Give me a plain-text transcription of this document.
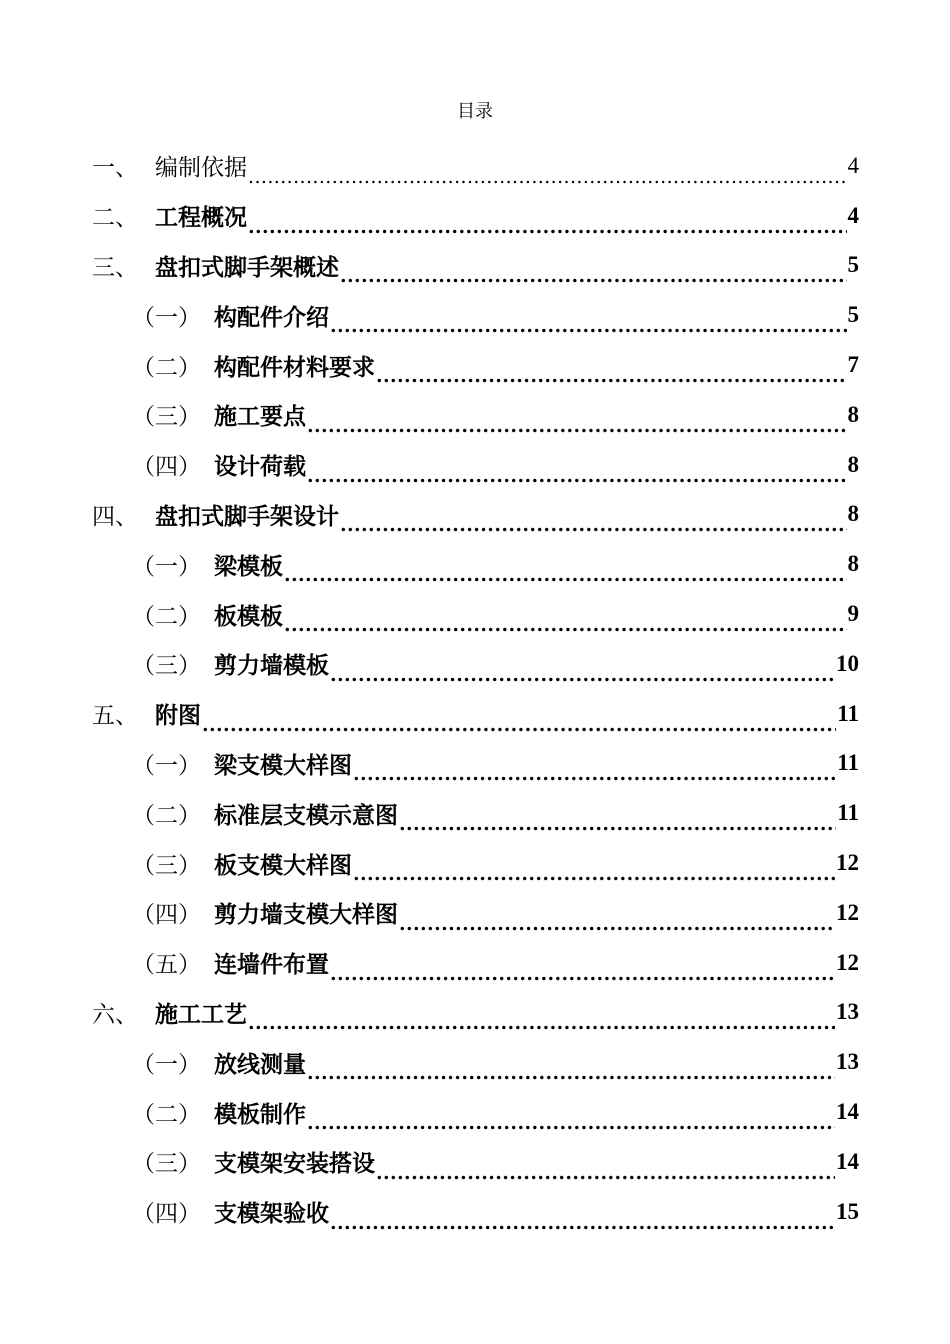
目录
一、 编制依据 .....	4
二、 工程概况 .....	4
三、 盘扣式脚手架概述 .....	5
（一） 构配件介绍 .....	5
（二） 构配件材料要求 .....	7
（三） 施工要点 .....	8
（四） 设计荷载 .....	8
四、 盘扣式脚手架设计 .....	8
（一） 梁模板 .....	8
（二） 板模板 .....	9
（三） 剪力墙模板 .....	10
五、 附图 .....	11
（一） 梁支模大样图 .....	11
（二） 标准层支模示意图 .....	11
（三） 板支模大样图 .....	12
（四） 剪力墙支模大样图 .....	12
（五） 连墙件布置 .....	12
六、 施工工艺 .....	13
（一） 放线测量 .....	13
（二） 模板制作 .....	14
（三） 支模架安装搭设 .....	14
（四） 支模架验收 .....	15
